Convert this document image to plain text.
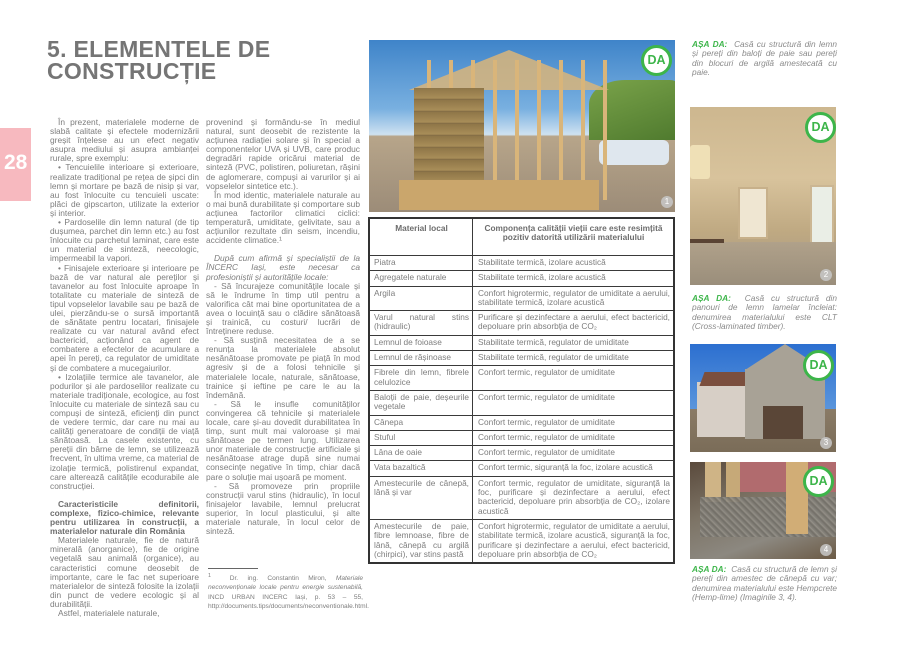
5. ELEMENTELE DE
CONSTRUCȚIE
28

În prezent, materialele moderne de slabă calitate și efectele modernizării greșit înțelese au un efect negativ asupra mediului și asupra ambianței rurale, spre exemplu:

• Tencuielile interioare și exterioare, realizate tradițional pe rețea de șipci din lemn și mortare pe bază de nisip și var, au fost înlocuite cu tencuieli uscate: plăci de gipscarton, utilizate la exterior și interior.

• Pardoselile din lemn natural (de tip dușumea, parchet din lemn etc.) au fost înlocuite cu parchetul laminat, care este un material de sinteză, neecologic, impermeabil la vapori.

• Finisajele exterioare și interioare pe bază de var natural ale pereților și tavanelor au fost înlocuite aproape în totalitate cu materiale de sinteză de tipul vopselelor lavabile sau pe bază de ulei, pierzându-se o sursă importantă de sănătate pentru locatari, finisajele realizate cu var natural având efect bactericid, acționând ca agent de combatere a efectelor de acumulare a apei în pereți, ca regulator de umiditate și de combatere a mucegaiurilor.

• Izolațiile termice ale tavanelor, ale podurilor și ale pardoselilor realizate cu materiale tradiționale, ecologice, au fost înlocuite cu materiale de sinteză sau cu compuși de sinteză, eficienți din punct de vedere termic, dar care nu mai au calități generatoare de condiții de viață sănătoasă. La casele existente, cu pereții din bârne de lemn, se utilizează frecvent, în ultima vreme, ca material de izolație termică, polistirenul expandat, care alterează calitățile ecodurabile ale construcției.

Caracteristicile definitorii, complexe, fizico-chimice, relevante pentru utilizarea în construcții, a materialelor naturale din România

Materialele naturale, fie de natură minerală (anorganice), fie de origine vegetală sau animală (organice), au caracteristici comune deosebit de importante, care le fac net superioare materialelor de sinteză folosite la izolații din punct de vedere ecologic și al durabilității.

Astfel, materialele naturale,

provenind și formându-se în mediul natural, sunt deosebit de rezistente la acțiunea radiației solare și în special a componentelor UVA și UVB, care produc degradări rapide oricărui material de sinteză (PVC, polistiren, poliuretan, rășini de aglomerare, compuși ai varurilor și ai vopselelor sintetice etc.).

În mod identic, materialele naturale au o mai bună durabilitate și comportare sub acțiunea factorilor climatici ciclici: temperatură, umiditate, gelivitate, sau a acțiunilor rezultate din seism, incendiu, accidente climatice.¹

După cum afirmă și specialiștii de la ÎNCERC Iași, este necesar ca profesioniștii și autoritățile locale:

- Să încurajeze comunitățile locale și să le îndrume în timp util pentru a valorifica cât mai bine oportunitatea de a avea o locuință sau o clădire sănătoasă și trainică, cu costuri/ lucrări de întreținere reduse.

- Să susțină necesitatea de a se renunța la materialele absolut nesănătoase promovate pe piață în mod agresiv și de a folosi tehnicile și materialele locale, naturale, sănătoase, trainice și ieftine pe care le au la îndemână.

- Să le insufle comunităților convingerea că tehnicile și materialele locale, care și-au dovedit durabilitatea în timp, sunt mult mai valoroase și mai sănătoase pe termen lung. Utilizarea unor materiale de construcție artificiale și nesănătoase atrage după sine numai consecințe negative în timp, chiar dacă pare o soluție mai ușoară pe moment.

- Să promoveze prin propriile construcții varul stins (hidraulic), în locul finisajelor lavabile, lemnul prelucrat superior, în locul plasticului, și alte materiale naturale, în locul celor de sinteză.

$^1$	Dr. ing. Constantin Miron, Materiale neconvenționale locale pentru energie sustenabilă, INCD URBAN INCERC Iași, p. 53 – 55, http://documents.tips/documents/neconventionale.html.
DA
1
Material local	Componența calității vieții care este resimțită pozitiv datorită utilizării materialului
Piatra	Stabilitate termică, izolare acustică
Agregatele naturale	Stabilitate termică, izolare acustică
Argila	Confort higrotermic, regulator de umiditate a aerului, stabilitate termică, izolare acustică
Varul natural stins (hidraulic)	Purificare și dezinfectare a aerului, efect bactericid, depoluare prin absorbția de CO₂
Lemnul de foioase	Stabilitate termică, regulator de umiditate
Lemnul de rășinoase	Stabilitate termică, regulator de umiditate
Fibrele din lemn, fibrele celulozice	Confort termic, regulator de umiditate
Baloții de paie, deșeurile vegetale	Confort termic, regulator de umiditate
Cânepa	Confort termic, regulator de umiditate
Stuful	Confort termic, regulator de umiditate
Lâna de oaie	Confort termic, regulator de umiditate
Vata bazaltică	Confort termic, siguranță la foc, izolare acustică
Amestecurile de cânepă, lână și var	Confort termic, regulator de umiditate, siguranță la foc, purificare și dezinfectare a aerului, efect bactericid, depoluare prin absorbția de CO₂, izolare acustică
Amestecurile de paie, fibre lemnoase, fibre de lână, cânepă cu argilă (chirpici), var stins pastă	Confort higrotermic, regulator de umiditate a aerului, stabilitate termică, izolare acustică, siguranță la foc, purificare și dezinfectare a aerului, efect bactericid, depoluare prin absorbția de CO₂
AȘA DA: Casă cu structură din lemn și pereți din baloți de paie sau pereți din blocuri de argilă amestecată cu paie.
DA
2
AȘA DA: Casă cu structură din panouri de lemn lamelar încleiat: denumirea materialului este CLT (Cross-laminated timber).
DA
3
DA
4
AȘA DA: Casă cu structură de lemn și pereți din amestec de cânepă cu var; denumirea materialului este Hempcrete (Hemp-lime) (Imaginile 3, 4).
